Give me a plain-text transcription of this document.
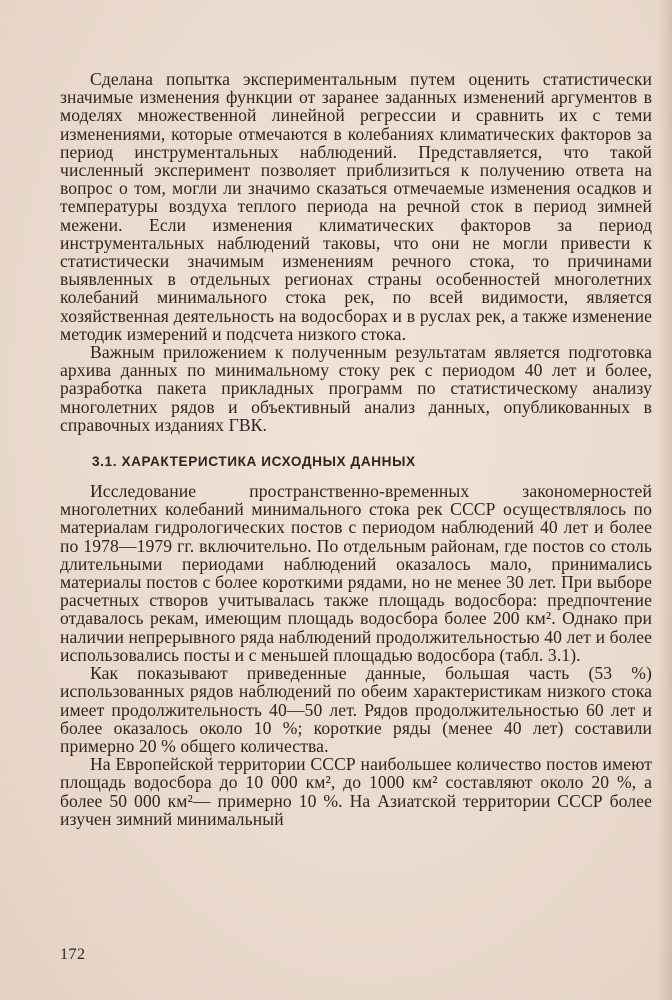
Сделана попытка экспериментальным путем оценить статистически значимые изменения функции от заранее заданных изменений аргументов в моделях множественной линейной регрессии и сравнить их с теми изменениями, которые отмечаются в колебаниях климатических факторов за период инструментальных наблюдений. Представляется, что такой численный эксперимент позволяет приблизиться к получению ответа на вопрос о том, могли ли значимо сказаться отмечаемые изменения осадков и температуры воздуха теплого периода на речной сток в период зимней межени. Если изменения климатических факторов за период инструментальных наблюдений таковы, что они не могли привести к статистически значимым изменениям речного стока, то причинами выявленных в отдельных регионах страны особенностей многолетних колебаний минимального стока рек, по всей видимости, является хозяйственная деятельность на водосборах и в руслах рек, а также изменение методик измерений и подсчета низкого стока.

Важным приложением к полученным результатам является подготовка архива данных по минимальному стоку рек с периодом 40 лет и более, разработка пакета прикладных программ по статистическому анализу многолетних рядов и объективный анализ данных, опубликованных в справочных изданиях ГВК.

3.1. ХАРАКТЕРИСТИКА ИСХОДНЫХ ДАННЫХ

Исследование пространственно-временных закономерностей многолетних колебаний минимального стока рек СССР осуществлялось по материалам гидрологических постов с периодом наблюдений 40 лет и более по 1978—1979 гг. включительно. По отдельным районам, где постов со столь длительными периодами наблюдений оказалось мало, принимались материалы постов с более короткими рядами, но не менее 30 лет. При выборе расчетных створов учитывалась также площадь водосбора: предпочтение отдавалось рекам, имеющим площадь водосбора более 200 км². Однако при наличии непрерывного ряда наблюдений продолжительностью 40 лет и более использовались посты и с меньшей площадью водосбора (табл. 3.1).

Как показывают приведенные данные, большая часть (53 %) использованных рядов наблюдений по обеим характеристикам низкого стока имеет продолжительность 40—50 лет. Рядов продолжительностью 60 лет и более оказалось около 10 %; короткие ряды (менее 40 лет) составили примерно 20 % общего количества.

На Европейской территории СССР наибольшее количество постов имеют площадь водосбора до 10 000 км², до 1000 км² составляют около 20 %, а более 50 000 км²— примерно 10 %. На Азиатской территории СССР более изучен зимний минимальный

172
